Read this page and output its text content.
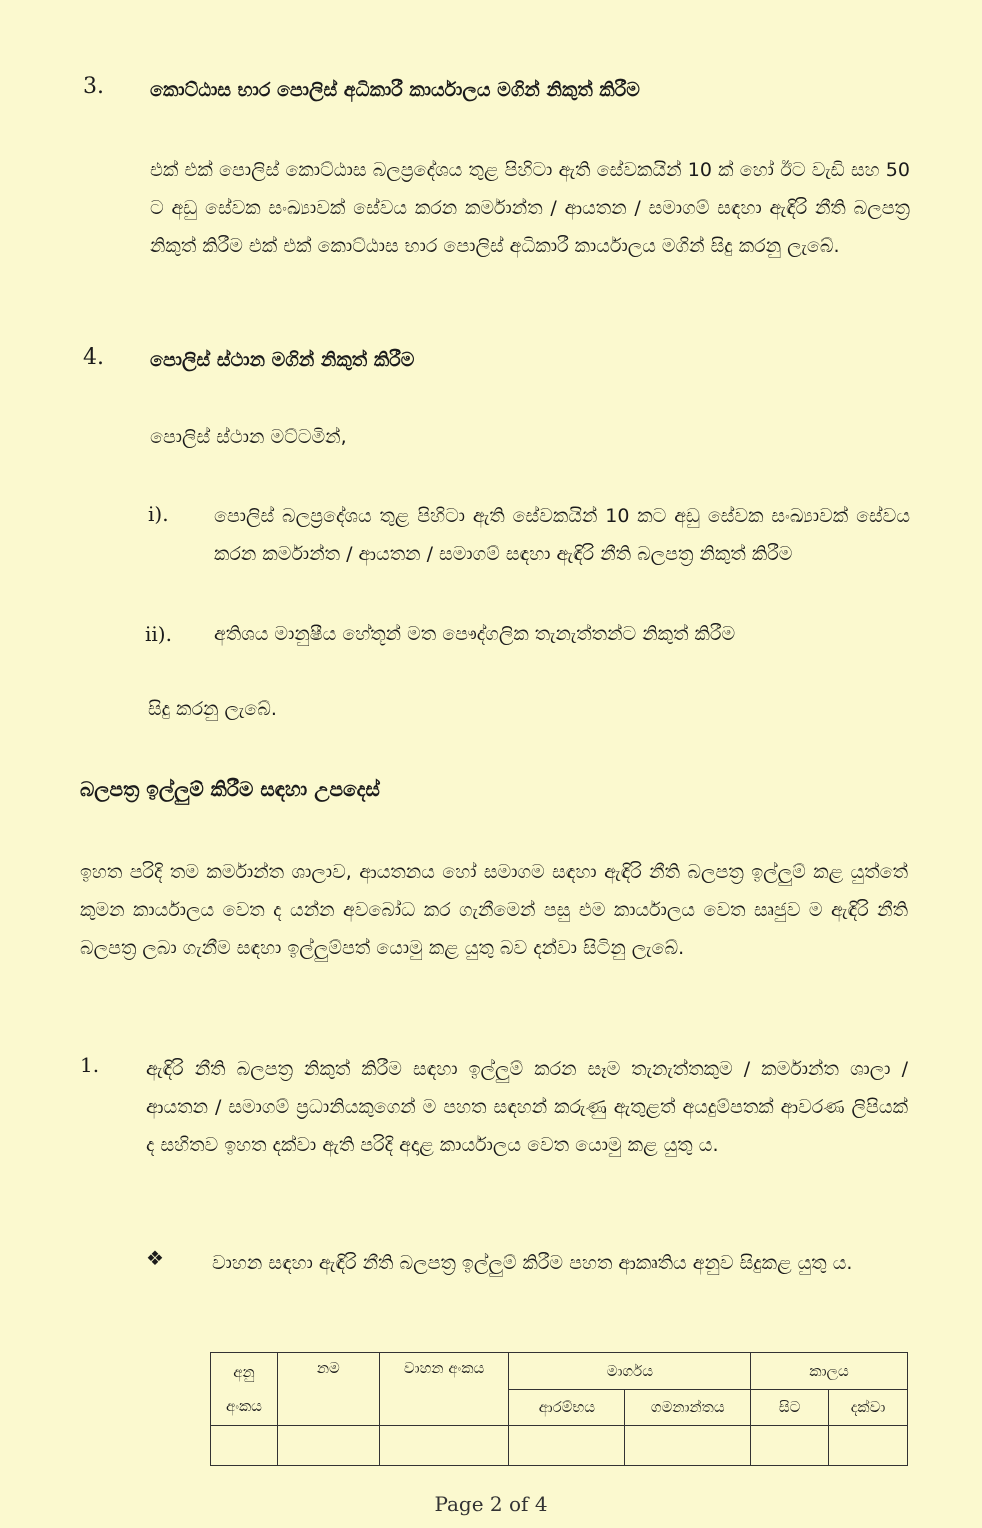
3. කොට්ඨාස භාර පොලිස් අධිකාරී කාර්යාලය මගින් නිකුත් කිරීම
එක් එක් පොලිස් කොට්ඨාස බලප්‍රදේශය තුළ පිහිටා ඇති සේවකයින් 10 ක් හෝ ඊට වැඩි සහ 50 ට අඩු සේවක සංඛ්‍යාවක් සේවය කරන කර්මාන්ත / ආයතන / සමාගම් සඳහා ඇඳිරි නීති බලපත්‍ර නිකුත් කිරීම එක් එක් කොට්ඨාස භාර පොලිස් අධිකාරී කාර්යාලය මගින් සිදු කරනු ලැබේ.
4. පොලිස් ස්ථාන මගින් නිකුත් කිරීම
පොලිස් ස්ථාන මට්ටමින්,
i). පොලිස් බලප්‍රදේශය තුළ පිහිටා ඇති සේවකයින් 10 කට අඩු සේවක සංඛ්‍යාවක් සේවය කරන කර්මාන්ත / ආයතන / සමාගම් සඳහා ඇඳිරි නීති බලපත්‍ර නිකුත් කිරීම
ii). අතිශය මානුෂීය හේතූන් මත පෞද්ගලික තැනැත්තන්ට නිකුත් කිරීම
සිදු කරනු ලැබේ.
බලපත්‍ර ඉල්ලුම් කිරීම සඳහා උපදෙස්
ඉහත පරිදි තම කර්මාන්ත ශාලාව, ආයතනය හෝ සමාගම සඳහා ඇඳිරි නීති බලපත්‍ර ඉල්ලුම් කළ යුත්තේ කුමන කාර්යාලය වෙත ද යන්න අවබෝධ කර ගැනීමෙන් පසු එම කාර්යාලය වෙත සෘජුව ම ඇඳිරි නීති බලපත්‍ර ලබා ගැනීම සඳහා ඉල්ලුම්පත් යොමු කළ යුතු බව දන්වා සිටිනු ලැබේ.
1. ඇඳිරි නීති බලපත්‍ර නිකුත් කිරීම සඳහා ඉල්ලුම් කරන සෑම තැනැත්තකුම / කර්මාන්ත ශාලා / ආයතන / සමාගම් ප්‍රධානියකුගෙන් ම පහත සඳහන් කරුණු ඇතුළත් අයදුම්පතක් ආවරණ ලිපියක් ද සහිතව ඉහත දක්වා ඇති පරිදි අදාළ කාර්යාලය වෙත යොමු කළ යුතු ය.
❖	වාහන සඳහා ඇඳිරි නීති බලපත්‍ර ඉල්ලුම් කිරීම පහත ආකෘතිය අනුව සිදුකළ යුතු ය.
අනු අංකය	නම	වාහන අංකය	මාර්ගය		කාලය	
			ආරම්භය	ගමනාන්තය	සිට	දක්වා

Page 2 of 4
